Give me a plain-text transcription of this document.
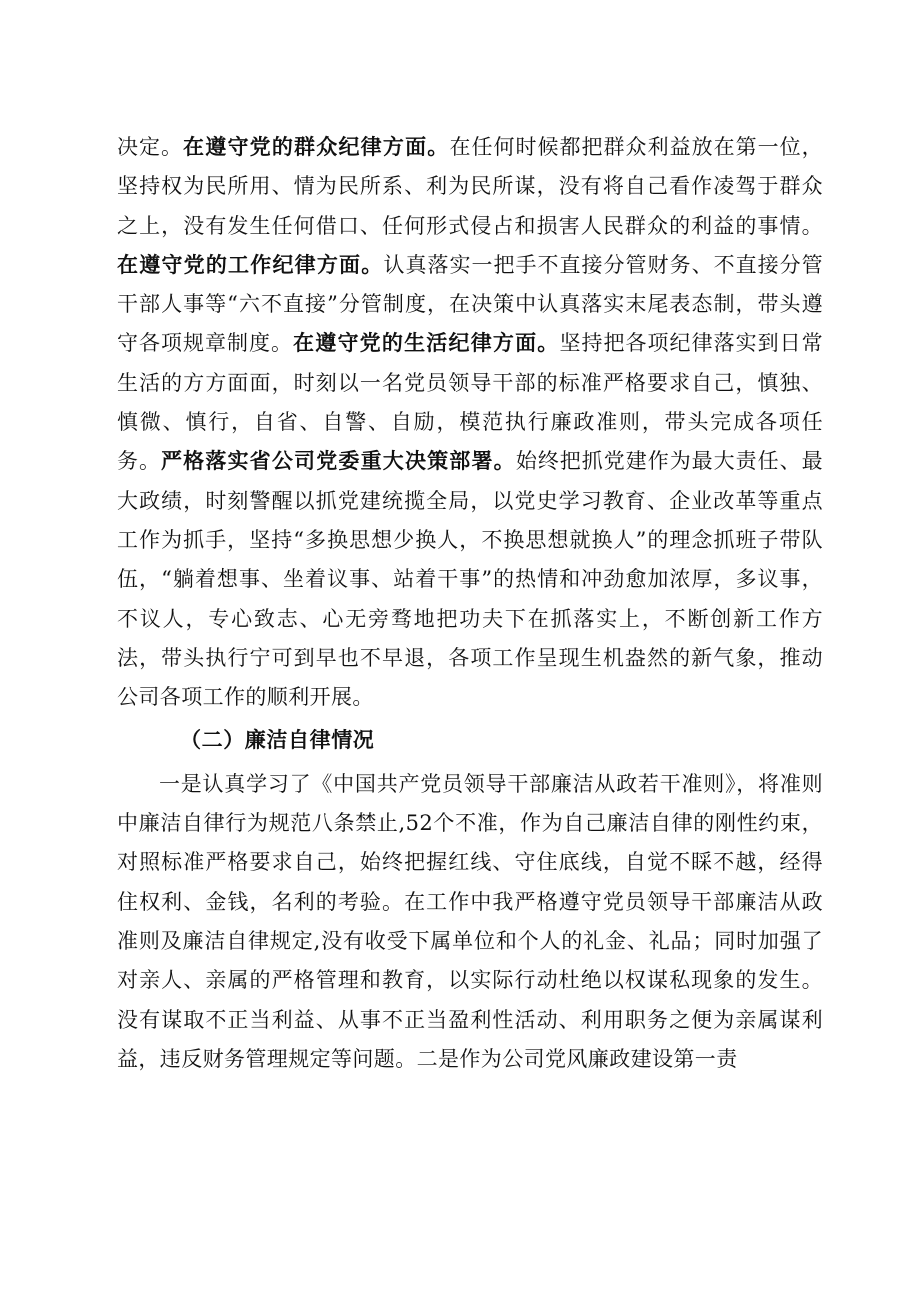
决定。在遵守党的群众纪律方面。在任何时候都把群众利益放在第一位，坚持权为民所用、情为民所系、利为民所谋，没有将自己看作凌驾于群众之上，没有发生任何借口、任何形式侵占和损害人民群众的利益的事情。在遵守党的工作纪律方面。认真落实一把手不直接分管财务、不直接分管干部人事等“六不直接”分管制度，在决策中认真落实末尾表态制，带头遵守各项规章制度。在遵守党的生活纪律方面。坚持把各项纪律落实到日常生活的方方面面，时刻以一名党员领导干部的标准严格要求自己，慎独、慎微、慎行，自省、自警、自励，模范执行廉政准则，带头完成各项任务。严格落实省公司党委重大决策部署。始终把抓党建作为最大责任、最大政绩，时刻警醒以抓党建统揽全局，以党史学习教育、企业改革等重点工作为抓手，坚持“多换思想少换人，不换思想就换人”的理念抓班子带队伍，“躺着想事、坐着议事、站着干事”的热情和冲劲愈加浓厚，多议事，不议人，专心致志、心无旁骛地把功夫下在抓落实上，不断创新工作方法，带头执行宁可到早也不早退，各项工作呈现生机盎然的新气象，推动公司各项工作的顺利开展。

（二）廉洁自律情况

一是认真学习了《中国共产党员领导干部廉洁从政若干准则》，将准则中廉洁自律行为规范八条禁止,52个不准，作为自己廉洁自律的刚性约束，对照标准严格要求自己，始终把握红线、守住底线，自觉不睬不越，经得住权利、金钱，名利的考验。在工作中我严格遵守党员领导干部廉洁从政准则及廉洁自律规定,没有收受下属单位和个人的礼金、礼品；同时加强了对亲人、亲属的严格管理和教育，以实际行动杜绝以权谋私现象的发生。没有谋取不正当利益、从事不正当盈利性活动、利用职务之便为亲属谋利益，违反财务管理规定等问题。二是作为公司党风廉政建设第一责
